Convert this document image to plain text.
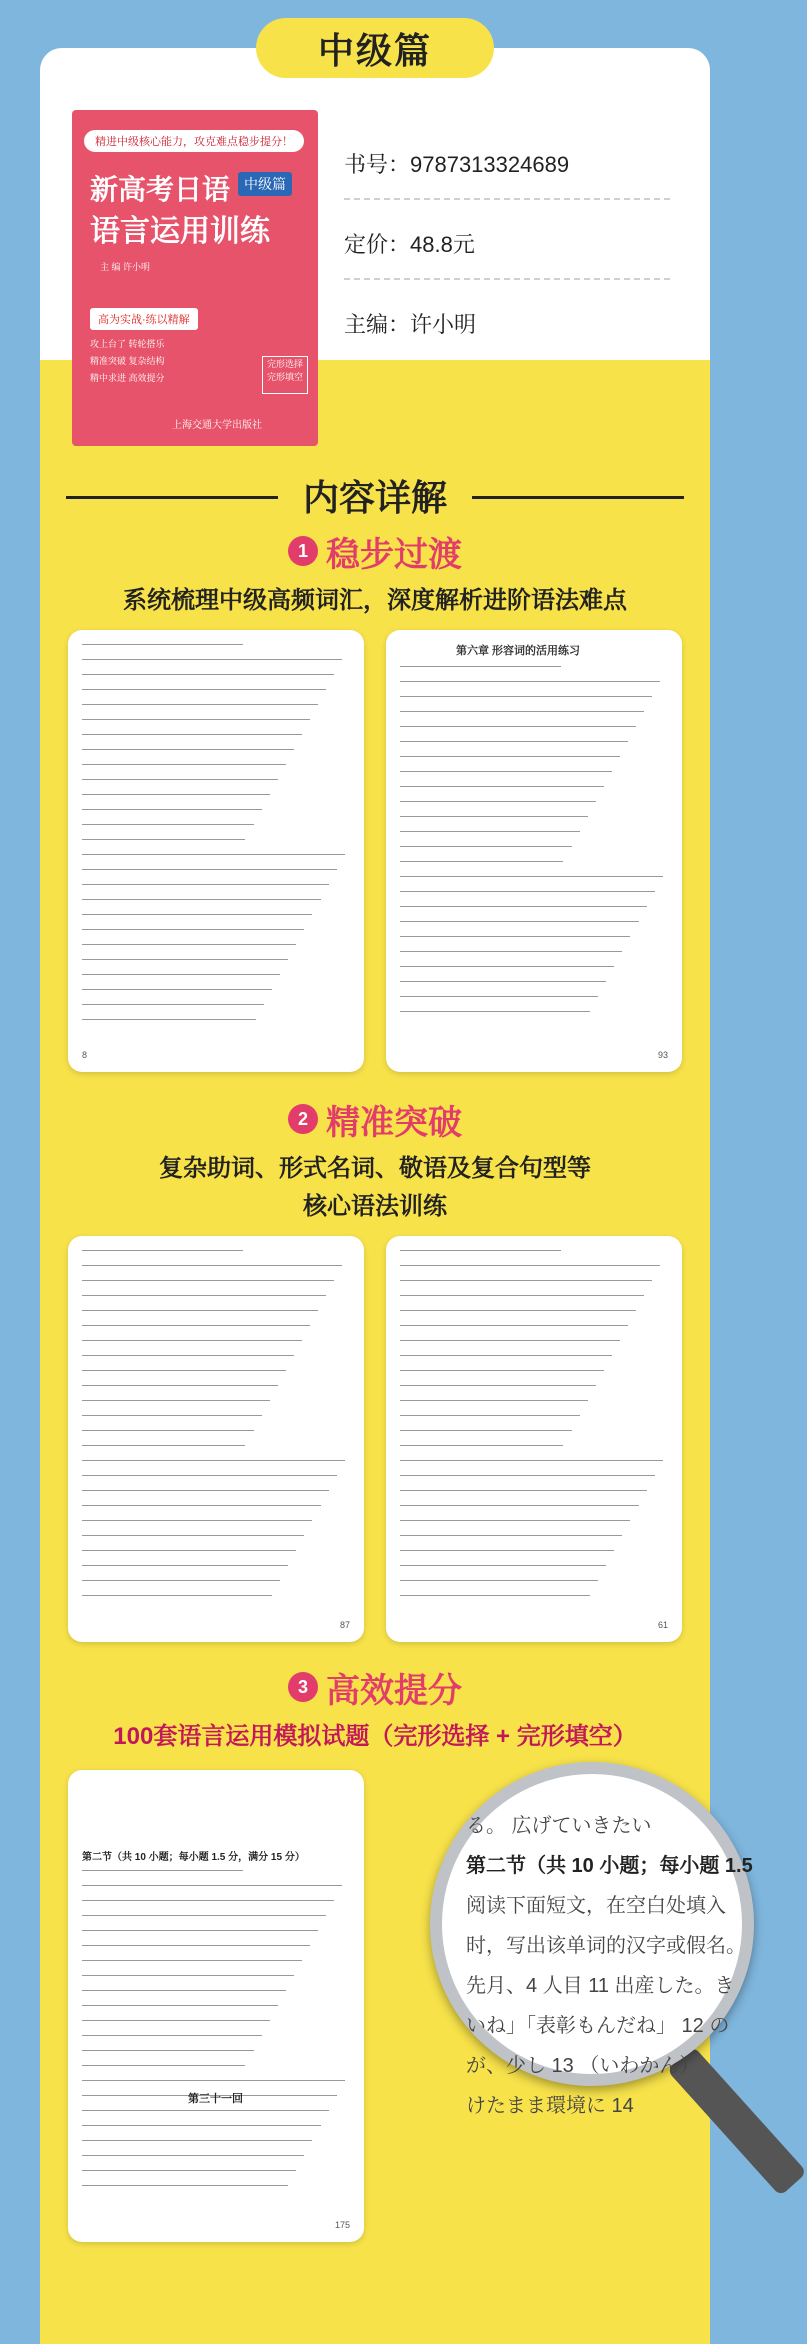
中级篇
精进中级核心能力，攻克难点稳步提分！
新高考日语 中级篇
语言运用训练
主 编 许小明
高为实战·练以精解
攻上台了 转轮搭乐
精准突破 复杂结构
精中求进 高效提分
完形选择 完形填空
上海交通大学出版社
书号：9787313324689
定价：48.8元
主编：许小明
内容详解
1 稳步过渡
系统梳理中级高频词汇，深度解析进阶语法难点
8
第六章 形容词的活用练习
93
2 精准突破
复杂助词、形式名词、敬语及复合句型等
核心语法训练
87	61
3 高效提分
100套语言运用模拟试题（完形选择 + 完形填空）
第二节（共 10 小题；每小题 1.5 分，满分 15 分）
第三十一回
175
る。 広げていきたい
第二节（共 10 小题；每小题 1.5
阅读下面短文，在空白处填入
时，写出该单词的汉字或假名。
先月、4 人目 11 出産した。き
いね」「表彰もんだね」 12 の
が、少し 13 （いわかん）
けたまま環境に 14
